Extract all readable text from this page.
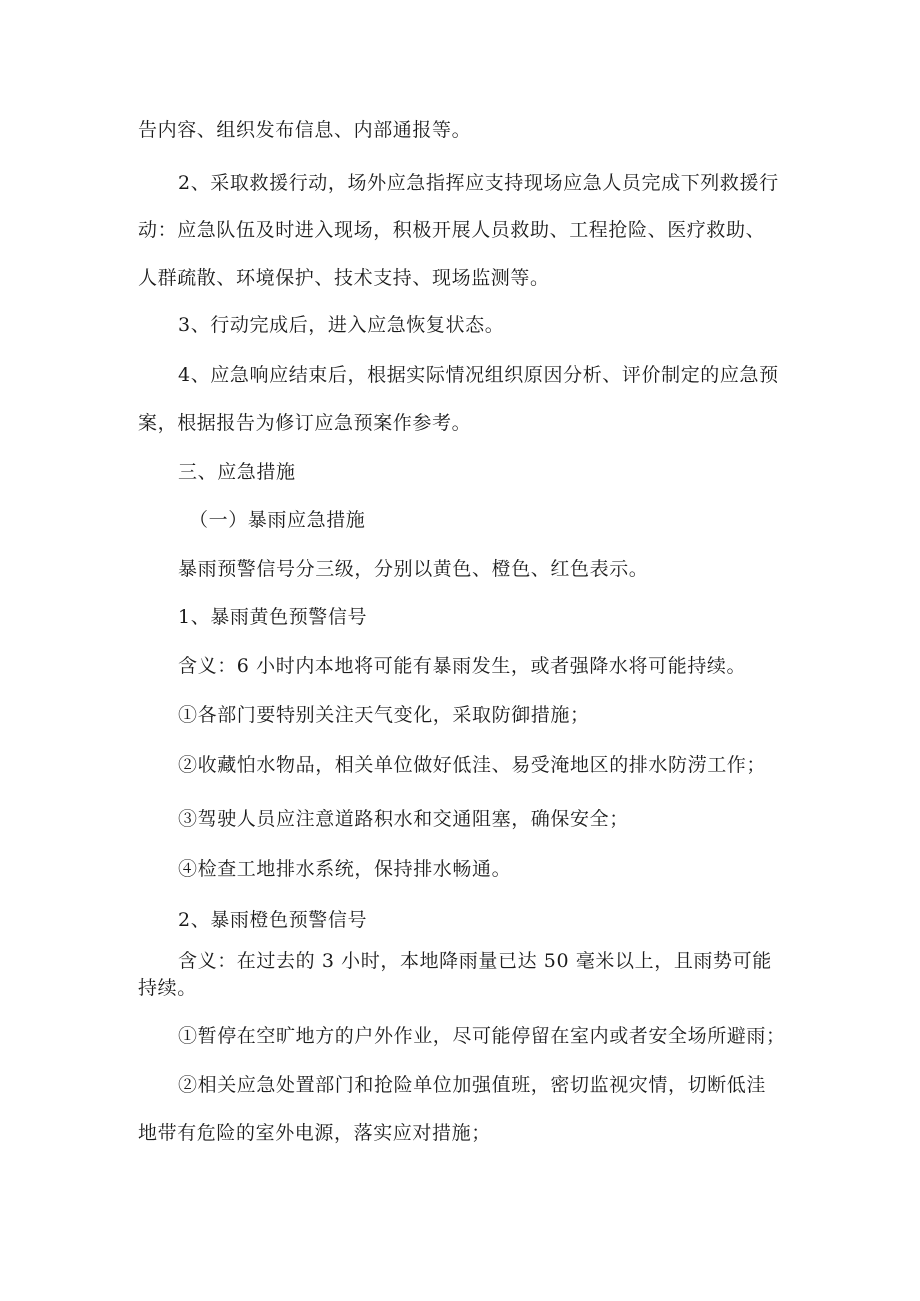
告内容、组织发布信息、内部通报等。
2、采取救援行动，场外应急指挥应支持现场应急人员完成下列救援行
动：应急队伍及时进入现场，积极开展人员救助、工程抢险、医疗救助、
人群疏散、环境保护、技术支持、现场监测等。
3、行动完成后，进入应急恢复状态。
4、应急响应结束后，根据实际情况组织原因分析、评价制定的应急预
案，根据报告为修订应急预案作参考。
三、应急措施
（一）暴雨应急措施
暴雨预警信号分三级，分别以黄色、橙色、红色表示。
1、暴雨黄色预警信号
含义：6 小时内本地将可能有暴雨发生，或者强降水将可能持续。
①各部门要特别关注天气变化，采取防御措施；
②收藏怕水物品，相关单位做好低洼、易受淹地区的排水防涝工作；
③驾驶人员应注意道路积水和交通阻塞，确保安全；
④检查工地排水系统，保持排水畅通。
2、暴雨橙色预警信号
含义：在过去的 3 小时，本地降雨量已达 50 毫米以上，且雨势可能
持续。
①暂停在空旷地方的户外作业，尽可能停留在室内或者安全场所避雨；
②相关应急处置部门和抢险单位加强值班，密切监视灾情，切断低洼
地带有危险的室外电源，落实应对措施；
